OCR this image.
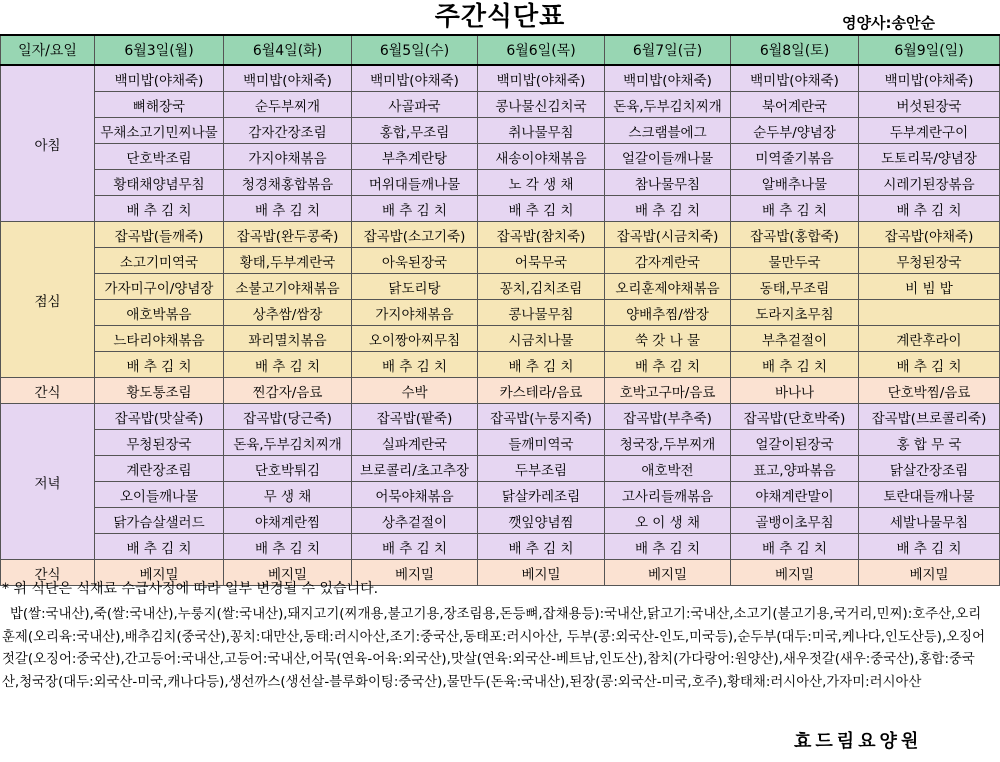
주간식단표	영양사:송안순
일자/요일	6월3일(월)	6월4일(화)	6월5일(수)	6월6일(목)	6월7일(금)	6월8일(토)	6월9일(일)
아침	백미밥(야채죽)	백미밥(야채죽)	백미밥(야채죽)	백미밥(야채죽)	백미밥(야채죽)	백미밥(야채죽)	백미밥(야채죽)
	뼈해장국	순두부찌개	사골파국	콩나물신김치국	돈육,두부김치찌개	북어계란국	버섯된장국
	무채소고기민찌나물	감자간장조림	홍합,무조림	취나물무침	스크램블에그	순두부/양념장	두부계란구이
	단호박조림	가지야채볶음	부추계란탕	새송이야채볶음	얼갈이들깨나물	미역줄기볶음	도토리묵/양념장
	황태채양념무침	청경채홍합볶음	머위대들깨나물	노 각 생 채	참나물무침	알배추나물	시레기된장볶음
	배 추 김 치	배 추 김 치	배 추 김 치	배 추 김 치	배 추 김 치	배 추 김 치	배 추 김 치
점심	잡곡밥(들깨죽)	잡곡밥(완두콩죽)	잡곡밥(소고기죽)	잡곡밥(참치죽)	잡곡밥(시금치죽)	잡곡밥(홍합죽)	잡곡밥(야채죽)
	소고기미역국	황태,두부계란국	아욱된장국	어묵무국	감자계란국	물만두국	무청된장국
	가자미구이/양념장	소불고기야채볶음	닭도리탕	꽁치,김치조림	오리훈제야채볶음	동태,무조림	비 빔 밥
	애호박볶음	상추쌈/쌈장	가지야채볶음	콩나물무침	양배추찜/쌈장	도라지초무침	
	느타리야채볶음	꽈리멸치볶음	오이짱아찌무침	시금치나물	쑥 갓 나 물	부추겉절이	계란후라이
	배 추 김 치	배 추 김 치	배 추 김 치	배 추 김 치	배 추 김 치	배 추 김 치	배 추 김 치
간식	황도통조림	찐감자/음료	수박	카스테라/음료	호박고구마/음료	바나나	단호박찜/음료
저녁	잡곡밥(맛살죽)	잡곡밥(당근죽)	잡곡밥(팥죽)	잡곡밥(누룽지죽)	잡곡밥(부추죽)	잡곡밥(단호박죽)	잡곡밥(브로콜리죽)
	무청된장국	돈육,두부김치찌개	실파계란국	들깨미역국	청국장,두부찌개	얼갈이된장국	홍 합 무 국
	계란장조림	단호박튀김	브로콜리/초고추장	두부조림	애호박전	표고,양파볶음	닭살간장조림
	오이들깨나물	무 생 채	어묵야채볶음	닭살카레조림	고사리들깨볶음	야채계란말이	토란대들깨나물
	닭가슴살샐러드	야채계란찜	상추겉절이	깻잎양념찜	오 이 생 채	골뱅이초무침	세발나물무침
	배 추 김 치	배 추 김 치	배 추 김 치	배 추 김 치	배 추 김 치	배 추 김 치	배 추 김 치
간식	베지밀	베지밀	베지밀	베지밀	베지밀	베지밀	베지밀
* 위 식단은 식재료 수급사정에 따라 일부 변경될 수 있습니다.
밥(쌀:국내산),죽(쌀:국내산),누룽지(쌀:국내산),돼지고기(찌개용,불고기용,장조림용,돈등뼈,잡채용등):국내산,닭고기:국내산,소고기(불고기용,국거리,민찌):호주산,오리훈제(오리육:국내산),배추김치(중국산),꽁치:대만산,동태:러시아산,조기:중국산,동태포:러시아산, 두부(콩:외국산-인도,미국등),순두부(대두:미국,케나다,인도산등),오징어젓갈(오징어:중국산),간고등어:국내산,고등어:국내산,어묵(연육-어육:외국산),맛살(연육:외국산-베트남,인도산),참치(가다랑어:원양산),새우젓갈(새우:중국산),홍합:중국산,청국장(대두:외국산-미국,캐나다등),생선까스(생선살-블루화이팅:중국산),물만두(돈육:국내산),된장(콩:외국산-미국,호주),황태채:러시아산,가자미:러시아산
효드림요양원
